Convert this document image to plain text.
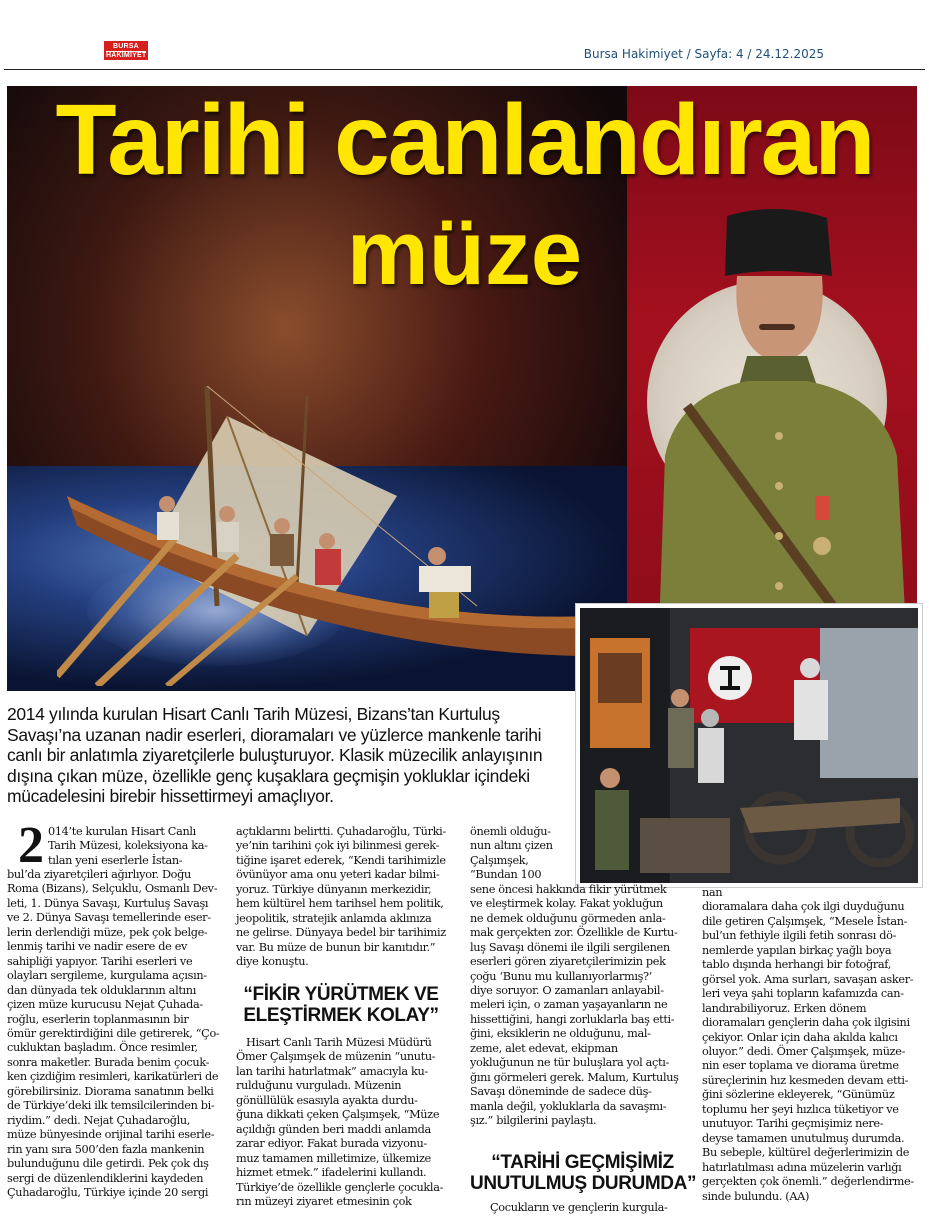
BURSA
HAKİMİYET	Bursa Hakimiyet / Sayfa: 4 / 24.12.2025
Tarihi canlandıran
müze
2014 yılında kurulan Hisart Canlı Tarih Müzesi, Bizans’tan Kurtuluş Savaşı’na uzanan nadir eserleri, dioramaları ve yüzlerce mankenle tarihi canlı bir anlatımla ziyaretçilerle buluşturuyor. Klasik müzecilik anlayışının dışına çıkan müze, özellikle genç kuşaklara geçmişin yokluklar içindeki mücadelesini birebir hissettirmeyi amaçlıyor.
2 014’te kurulan Hisart Canlı
Tarih Müzesi, koleksiyona ka-
tılan yeni eserlerle İstan-
bul’da ziyaretçileri ağırlıyor. Doğu
Roma (Bizans), Selçuklu, Osmanlı Dev-
leti, 1. Dünya Savaşı, Kurtuluş Savaşı
ve 2. Dünya Savaşı temellerinde eser-
lerin derlendiği müze, pek çok belge-
lenmiş tarihi ve nadir esere de ev
sahipliği yapıyor. Tarihi eserleri ve
olayları sergileme, kurgulama açısın-
dan dünyada tek olduklarının altını
çizen müze kurucusu Nejat Çuhada-
roğlu, eserlerin toplanmasının bir
ömür gerektirdiğini dile getirerek, “Ço-
cukluktan başladım. Önce resimler,
sonra maketler. Burada benim çocuk-
ken çizdiğim resimleri, karikatürleri de
görebilirsiniz. Diorama sanatının belki
de Türkiye’deki ilk temsilcilerinden bi-
riydim.” dedi. Nejat Çuhadaroğlu,
müze bünyesinde orijinal tarihi eserle-
rin yanı sıra 500’den fazla mankenin
bulunduğunu dile getirdi. Pek çok dış
sergi de düzenlendiklerini kaydeden
Çuhadaroğlu, Türkiye içinde 20 sergi
açtıklarını belirtti. Çuhadaroğlu, Türki-
ye’nin tarihini çok iyi bilinmesi gerek-
tiğine işaret ederek, “Kendi tarihimizle
övünüyor ama onu yeteri kadar bilmi-
yoruz. Türkiye dünyanın merkezidir,
hem kültürel hem tarihsel hem politik,
jeopolitik, stratejik anlamda aklınıza
ne gelirse. Dünyaya bedel bir tarihimiz
var. Bu müze de bunun bir kanıtıdır.”
diye konuştu.
“FİKİR YÜRÜTMEK VE
ELEŞTİRMEK KOLAY”
Hisart Canlı Tarih Müzesi Müdürü
Ömer Çalşımşek de müzenin “unutu-
lan tarihi hatırlatmak” amacıyla ku-
rulduğunu vurguladı. Müzenin
gönüllülük esasıyla ayakta durdu-
ğuna dikkati çeken Çalşımşek, “Müze
açıldığı günden beri maddi anlamda
zarar ediyor. Fakat burada vizyonu-
muz tamamen milletimize, ülkemize
hizmet etmek.” ifadelerini kullandı.
Türkiye’de özellikle gençlerle çocukla-
rın müzeyi ziyaret etmesinin çok
önemli olduğu-
nun altını çizen
Çalşımşek,
“Bundan 100
sene öncesi hakkında fikir yürütmek
ve eleştirmek kolay. Fakat yokluğun
ne demek olduğunu görmeden anla-
mak gerçekten zor. Özellikle de Kurtu-
luş Savaşı dönemi ile ilgili sergilenen
eserleri gören ziyaretçilerimizin pek
çoğu ‘Bunu mu kullanıyorlarmış?’
diye soruyor. O zamanları anlayabil-
meleri için, o zaman yaşayanların ne
hissettiğini, hangi zorluklarla baş etti-
ğini, eksiklerin ne olduğunu, mal-
zeme, alet edevat, ekipman
yokluğunun ne tür buluşlara yol açtı-
ğını görmeleri gerek. Malum, Kurtuluş
Savaşı döneminde de sadece düş-
manla değil, yokluklarla da savaşmı-
şız.” bilgilerini paylaştı.
“TARİHİ GEÇMİŞİMİZ
UNUTULMUŞ DURUMDA”
Çocukların ve gençlerin kurgula-
nan
dioramalara daha çok ilgi duyduğunu
dile getiren Çalşımşek, “Mesele İstan-
bul’un fethiyle ilgili fetih sonrası dö-
nemlerde yapılan birkaç yağlı boya
tablo dışında herhangi bir fotoğraf,
görsel yok. Ama surları, savaşan asker-
leri veya şahi topların kafamızda can-
landırabiliyoruz. Erken dönem
dioramaları gençlerin daha çok ilgisini
çekiyor. Onlar için daha akılda kalıcı
oluyor.” dedi. Ömer Çalşımşek, müze-
nin eser toplama ve diorama üretme
süreçlerinin hız kesmeden devam etti-
ğini sözlerine ekleyerek, “Günümüz
toplumu her şeyi hızlıca tüketiyor ve
unutuyor. Tarihi geçmişimiz nere-
deyse tamamen unutulmuş durumda.
Bu sebeple, kültürel değerlerimizin de
hatırlatılması adına müzelerin varlığı
gerçekten çok önemli.” değerlendirme-
sinde bulundu. (AA)
